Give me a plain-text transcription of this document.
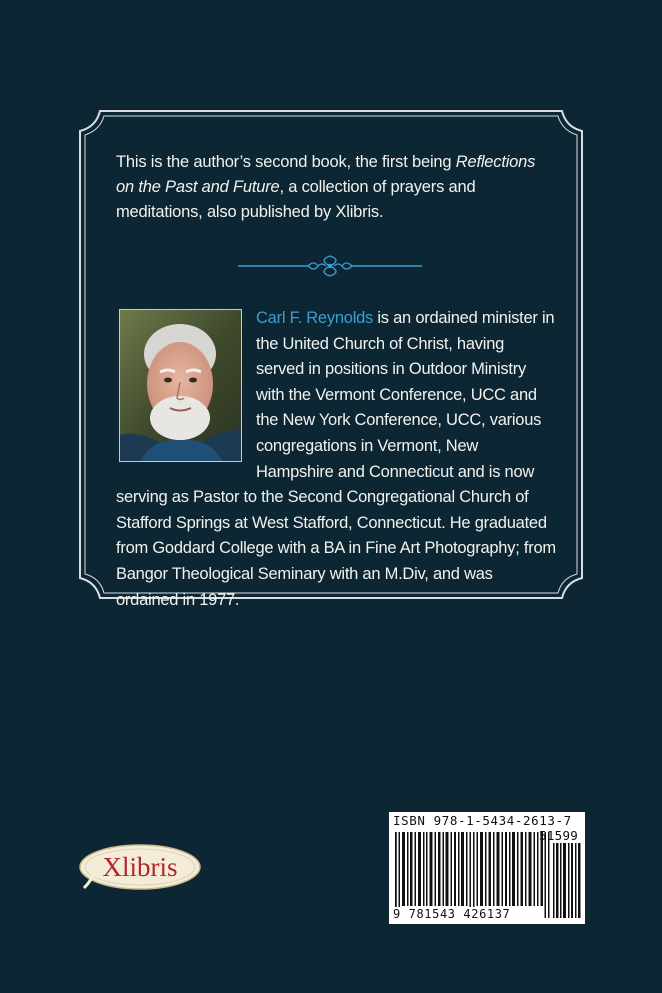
This is the author’s second book, the first being Reflections on the Past and Future, a collection of prayers and meditations, also published by Xlibris.
Carl F. Reynolds is an ordained minister in the United Church of Christ, having served in positions in Outdoor Ministry with the Vermont Conference, UCC and the New York Conference, UCC, various congregations in Vermont, New Hampshire and Connecticut and is now serving as Pastor to the Second Congregational Church of Stafford Springs at West Stafford, Connecticut. He graduated from Goddard College with a BA in Fine Art Photography; from Bangor Theological Seminary with an M.Div, and was ordained in 1977.
Xlibris
ISBN 978-1-5434-2613-7
51599
9 781543 426137
